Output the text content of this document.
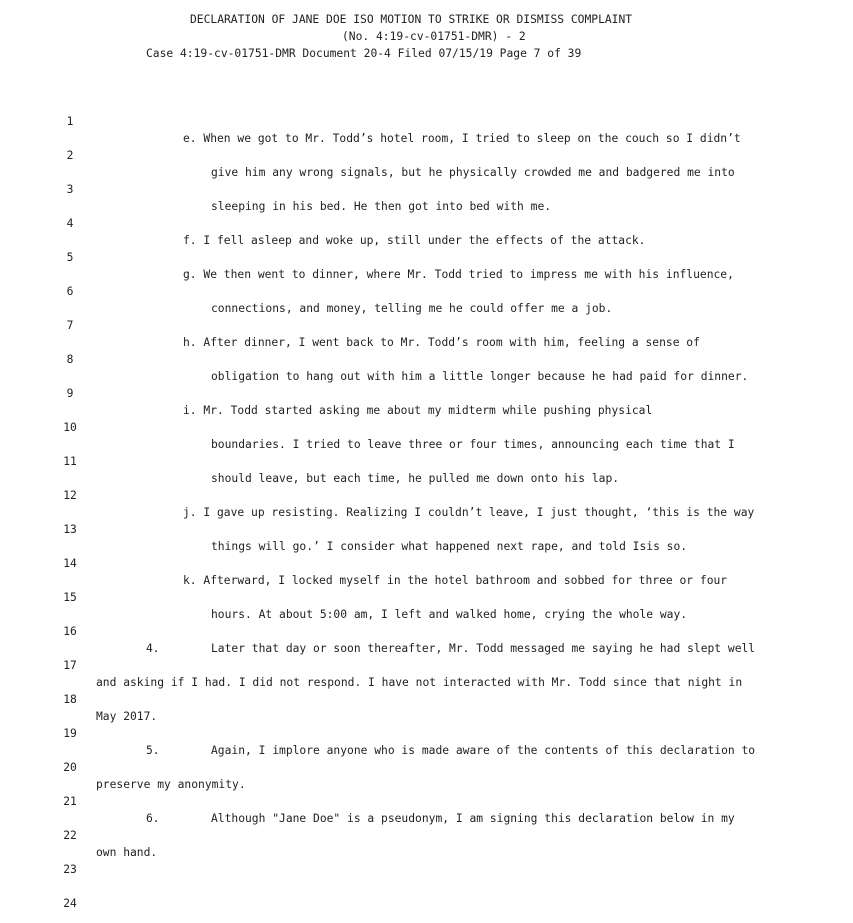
DECLARATION OF JANE DOE ISO MOTION TO STRIKE OR DISMISS COMPLAINT
(No. 4:19-cv-01751-DMR) - 2
Case 4:19-cv-01751-DMR Document 20-4 Filed 07/15/19 Page 7 of 39
1
2
3
4
5
6
7
8
9
10
11
12
13
14
15
16
17
18
19
20
21
22
23
24
e. When we got to Mr. Todd’s hotel room, I tried to sleep on the couch so I didn’t
give him any wrong signals, but he physically crowded me and badgered me into
sleeping in his bed. He then got into bed with me.
f. I fell asleep and woke up, still under the effects of the attack.
g. We then went to dinner, where Mr. Todd tried to impress me with his influence,
connections, and money, telling me he could offer me a job.
h. After dinner, I went back to Mr. Todd’s room with him, feeling a sense of
obligation to hang out with him a little longer because he had paid for dinner.
i. Mr. Todd started asking me about my midterm while pushing physical
boundaries. I tried to leave three or four times, announcing each time that I
should leave, but each time, he pulled me down onto his lap.
j. I gave up resisting. Realizing I couldn’t leave, I just thought, ‘this is the way
things will go.’ I consider what happened next rape, and told Isis so.
k. Afterward, I locked myself in the hotel bathroom and sobbed for three or four
hours. At about 5:00 am, I left and walked home, crying the whole way.
4.	Later that day or soon thereafter, Mr. Todd messaged me saying he had slept well
and asking if I had. I did not respond. I have not interacted with Mr. Todd since that night in
May 2017.
5.	Again, I implore anyone who is made aware of the contents of this declaration to
preserve my anonymity.
6.	Although "Jane Doe" is a pseudonym, I am signing this declaration below in my
own hand.
